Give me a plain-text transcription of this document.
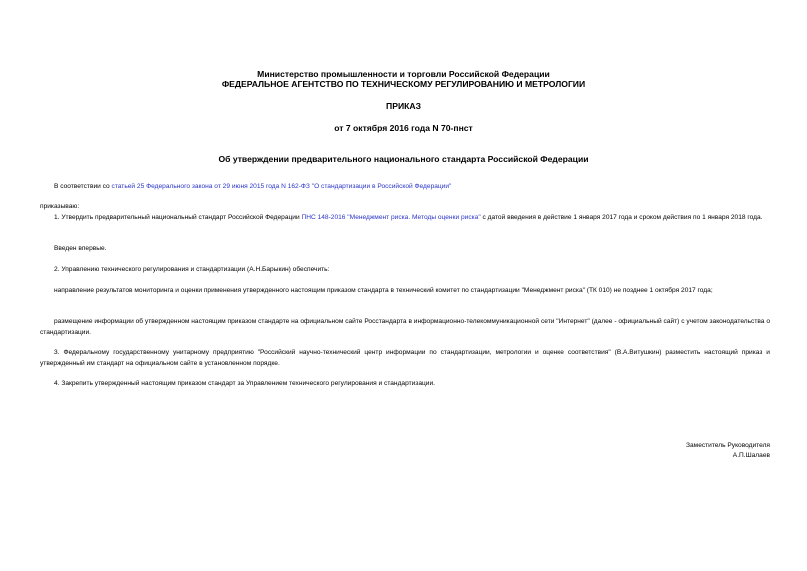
Министерство промышленности и торговли Российской Федерации
ФЕДЕРАЛЬНОЕ АГЕНТСТВО ПО ТЕХНИЧЕСКОМУ РЕГУЛИРОВАНИЮ И МЕТРОЛОГИИ
ПРИКАЗ
от 7 октября 2016 года N 70-пнст
Об утверждении предварительного национального стандарта Российской Федерации
В соответствии со статьей 25 Федерального закона от 29 июня 2015 года N 162-ФЗ "О стандартизации в Российской Федерации"
приказываю:
1. Утвердить предварительный национальный стандарт Российской Федерации ПНС 148-2016 "Менеджмент риска. Методы оценки риска" с датой введения в действие 1 января 2017 года и сроком действия по 1 января 2018 года.
Введен впервые.
2. Управлению технического регулирования и стандартизации (А.Н.Барыкин) обеспечить:
направление результатов мониторинга и оценки применения утвержденного настоящим приказом стандарта в технический комитет по стандартизации "Менеджмент риска" (ТК 010) не позднее 1 октября 2017 года;
размещение информации об утвержденном настоящим приказом стандарте на официальном сайте Росстандарта в информационно-телекоммуникационной сети "Интернет" (далее - официальный сайт) с учетом законодательства о стандартизации.
3. Федеральному государственному унитарному предприятию "Российский научно-технический центр информации по стандартизации, метрологии и оценке соответствия" (В.А.Витушкин) разместить настоящий приказ и утвержденный им стандарт на официальном сайте в установленном порядке.
4. Закрепить утвержденный настоящим приказом стандарт за Управлением технического регулирования и стандартизации.
Заместитель Руководителя
А.П.Шалаев
